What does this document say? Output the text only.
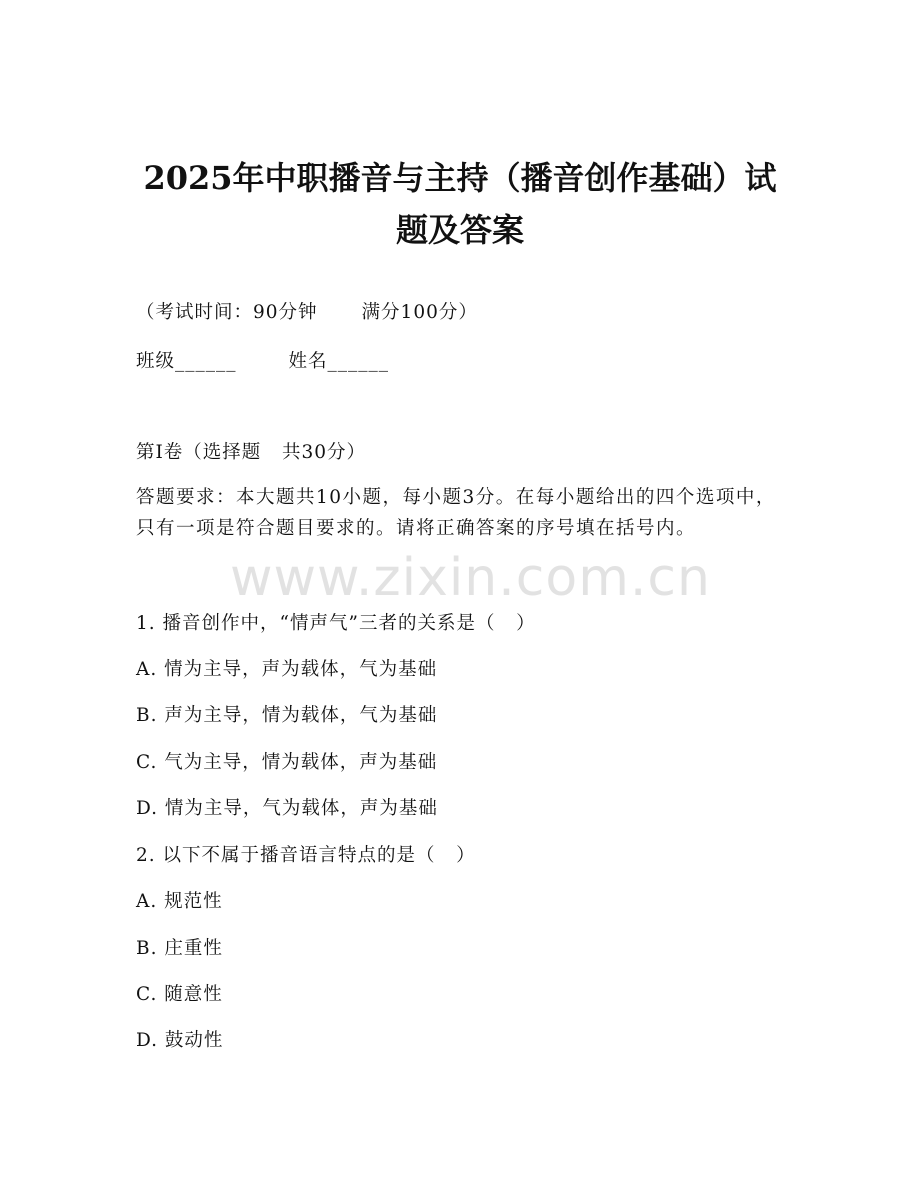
2025年中职播音与主持（播音创作基础）试题及答案
（考试时间：90分钟 满分100分）
班级______	姓名______
第I卷（选择题   共30分）
答题要求：本大题共10小题，每小题3分。在每小题给出的四个选项中，只有一项是符合题目要求的。请将正确答案的序号填在括号内。
www.zixin.com.cn
1. 播音创作中，“情声气”三者的关系是（   ）
A. 情为主导，声为载体，气为基础
B. 声为主导，情为载体，气为基础
C. 气为主导，情为载体，声为基础
D. 情为主导，气为载体，声为基础
2. 以下不属于播音语言特点的是（   ）
A. 规范性
B. 庄重性
C. 随意性
D. 鼓动性
